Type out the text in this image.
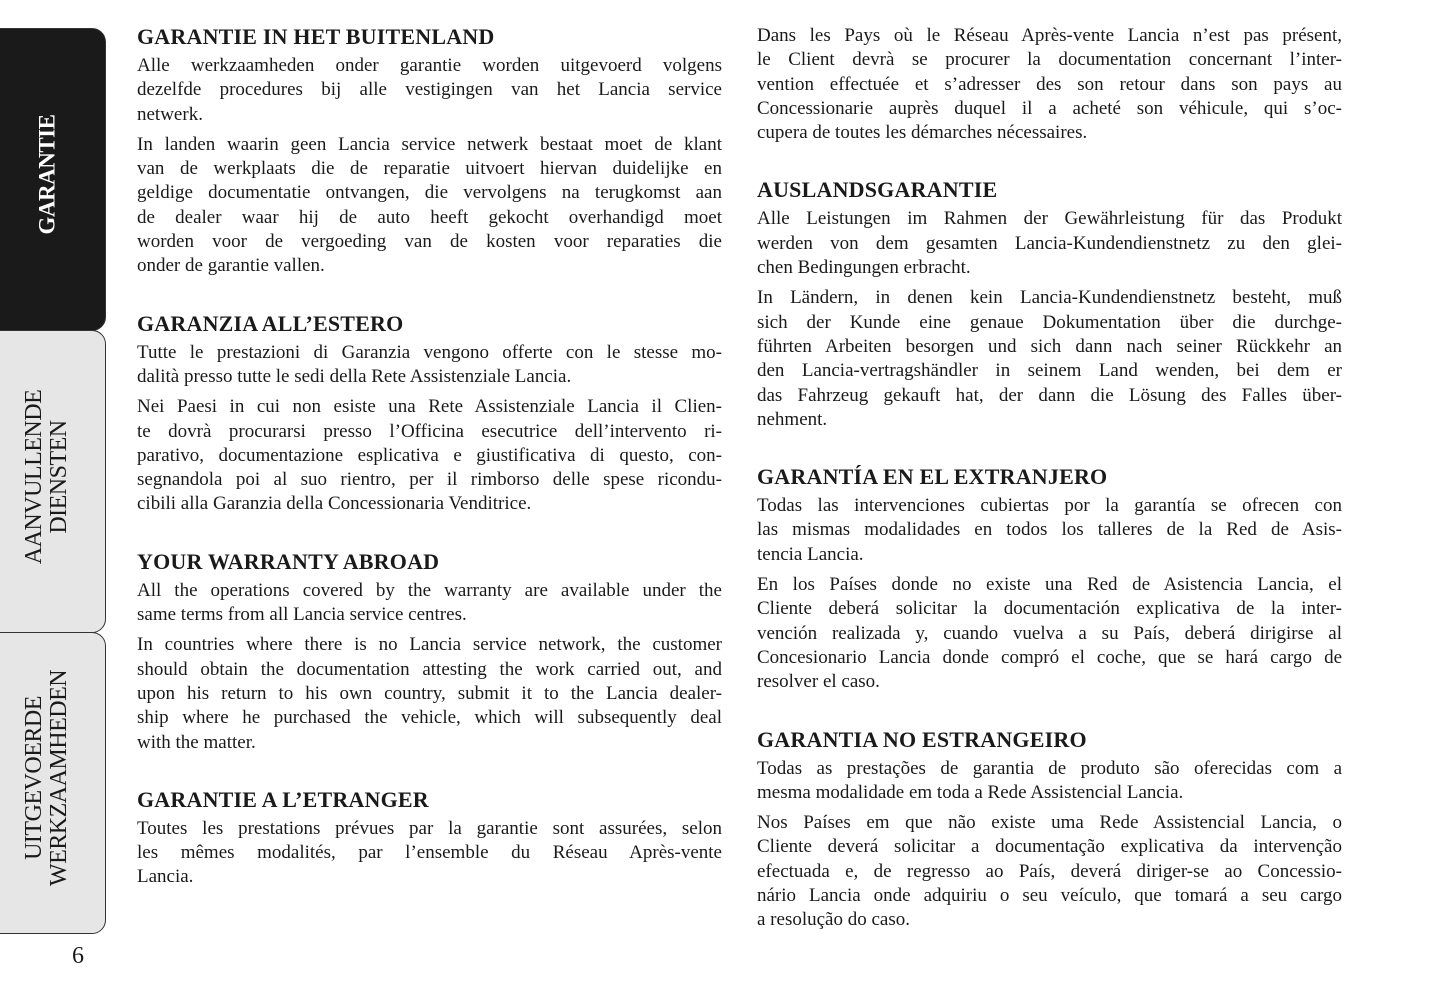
GARANTIE
AANVULLENDE DIENSTEN
UITGEVOERDE WERKZAAMHEDEN
6
GARANTIE IN HET BUITENLAND
Alle werkzaamheden onder garantie worden uitgevoerd volgens
dezelfde procedures bij alle vestigingen van het Lancia service
netwerk.
In landen waarin geen Lancia service netwerk bestaat moet de klant
van de werkplaats die de reparatie uitvoert hiervan duidelijke en
geldige documentatie ontvangen, die vervolgens na terugkomst aan
de dealer waar hij de auto heeft gekocht overhandigd moet
worden voor de vergoeding van de kosten voor reparaties die
onder de garantie vallen.
GARANZIA ALL’ESTERO
Tutte le prestazioni di Garanzia vengono offerte con le stesse mo-
dalità presso tutte le sedi della Rete Assistenziale Lancia.
Nei Paesi in cui non esiste una Rete Assistenziale Lancia il Clien-
te dovrà procurarsi presso l’Officina esecutrice dell’intervento ri-
parativo, documentazione esplicativa e giustificativa di questo, con-
segnandola poi al suo rientro, per il rimborso delle spese ricondu-
cibili alla Garanzia della Concessionaria Venditrice.
YOUR WARRANTY ABROAD
All the operations covered by the warranty are available under the
same terms from all Lancia service centres.
In countries where there is no Lancia service network, the customer
should obtain the documentation attesting the work carried out, and
upon his return to his own country, submit it to the Lancia dealer-
ship where he purchased the vehicle, which will subsequently deal
with the matter.
GARANTIE A L’ETRANGER
Toutes les prestations prévues par la garantie sont assurées, selon
les mêmes modalités, par l’ensemble du Réseau Après-vente
Lancia.
Dans les Pays où le Réseau Après-vente Lancia n’est pas présent,
le Client devrà se procurer la documentation concernant l’inter-
vention effectuée et s’adresser des son retour dans son pays au
Concessionarie auprès duquel il a acheté son véhicule, qui s’oc-
cupera de toutes les démarches nécessaires.
AUSLANDSGARANTIE
Alle Leistungen im Rahmen der Gewährleistung für das Produkt
werden von dem gesamten Lancia-Kundendienstnetz zu den glei-
chen Bedingungen erbracht.
In Ländern, in denen kein Lancia-Kundendienstnetz besteht, muß
sich der Kunde eine genaue Dokumentation über die durchge-
führten Arbeiten besorgen und sich dann nach seiner Rückkehr an
den Lancia-vertragshändler in seinem Land wenden, bei dem er
das Fahrzeug gekauft hat, der dann die Lösung des Falles über-
nehment.
GARANTÍA EN EL EXTRANJERO
Todas las intervenciones cubiertas por la garantía se ofrecen con
las mismas modalidades en todos los talleres de la Red de Asis-
tencia Lancia.
En los Países donde no existe una Red de Asistencia Lancia, el
Cliente deberá solicitar la documentación explicativa de la inter-
vención realizada y, cuando vuelva a su País, deberá dirigirse al
Concesionario Lancia donde compró el coche, que se hará cargo de
resolver el caso.
GARANTIA NO ESTRANGEIRO
Todas as prestações de garantia de produto são oferecidas com a
mesma modalidade em toda a Rede Assistencial Lancia.
Nos Países em que não existe uma Rede Assistencial Lancia, o
Cliente deverá solicitar a documentação explicativa da intervenção
efectuada e, de regresso ao País, deverá diriger-se ao Concessio-
nário Lancia onde adquiriu o seu veículo, que tomará a seu cargo
a resolução do caso.
